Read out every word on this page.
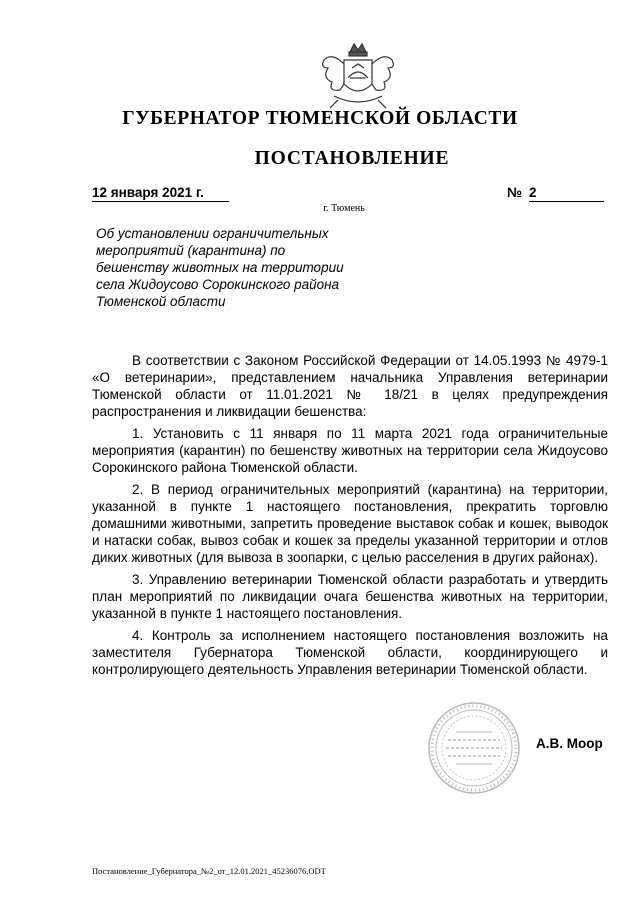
ГУБЕРНАТОР ТЮМЕНСКОЙ ОБЛАСТИ
ПОСТАНОВЛЕНИЕ
12 января 2021 г.	№ 2
г. Тюмень
Об установлении ограничительных
мероприятий (карантина) по
бешенству животных на территории
села Жидоусово Сорокинского района
Тюменской области

В соответствии с Законом Российской Федерации от 14.05.1993 № 4979-1 «О ветеринарии», представлением начальника Управления ветеринарии Тюменской области от 11.01.2021 № 18/21 в целях предупреждения распространения и ликвидации бешенства:

1. Установить с 11 января по 11 марта 2021 года ограничительные мероприятия (карантин) по бешенству животных на территории села Жидоусово Сорокинского района Тюменской области.

2. В период ограничительных мероприятий (карантина) на территории, указанной в пункте 1 настоящего постановления, прекратить торговлю домашними животными, запретить проведение выставок собак и кошек, выводок и натаски собак, вывоз собак и кошек за пределы указанной территории и отлов диких животных (для вывоза в зоопарки, с целью расселения в других районах).

3. Управлению ветеринарии Тюменской области разработать и утвердить план мероприятий по ликвидации очага бешенства животных на территории, указанной в пункте 1 настоящего постановления.

4. Контроль за исполнением настоящего постановления возложить на заместителя Губернатора Тюменской области, координирующего и контролирующего деятельность Управления ветеринарии Тюменской области.

А.В. Моор
Постановление_Губернатора_№2_от_12.01.2021_45236076.ODT
